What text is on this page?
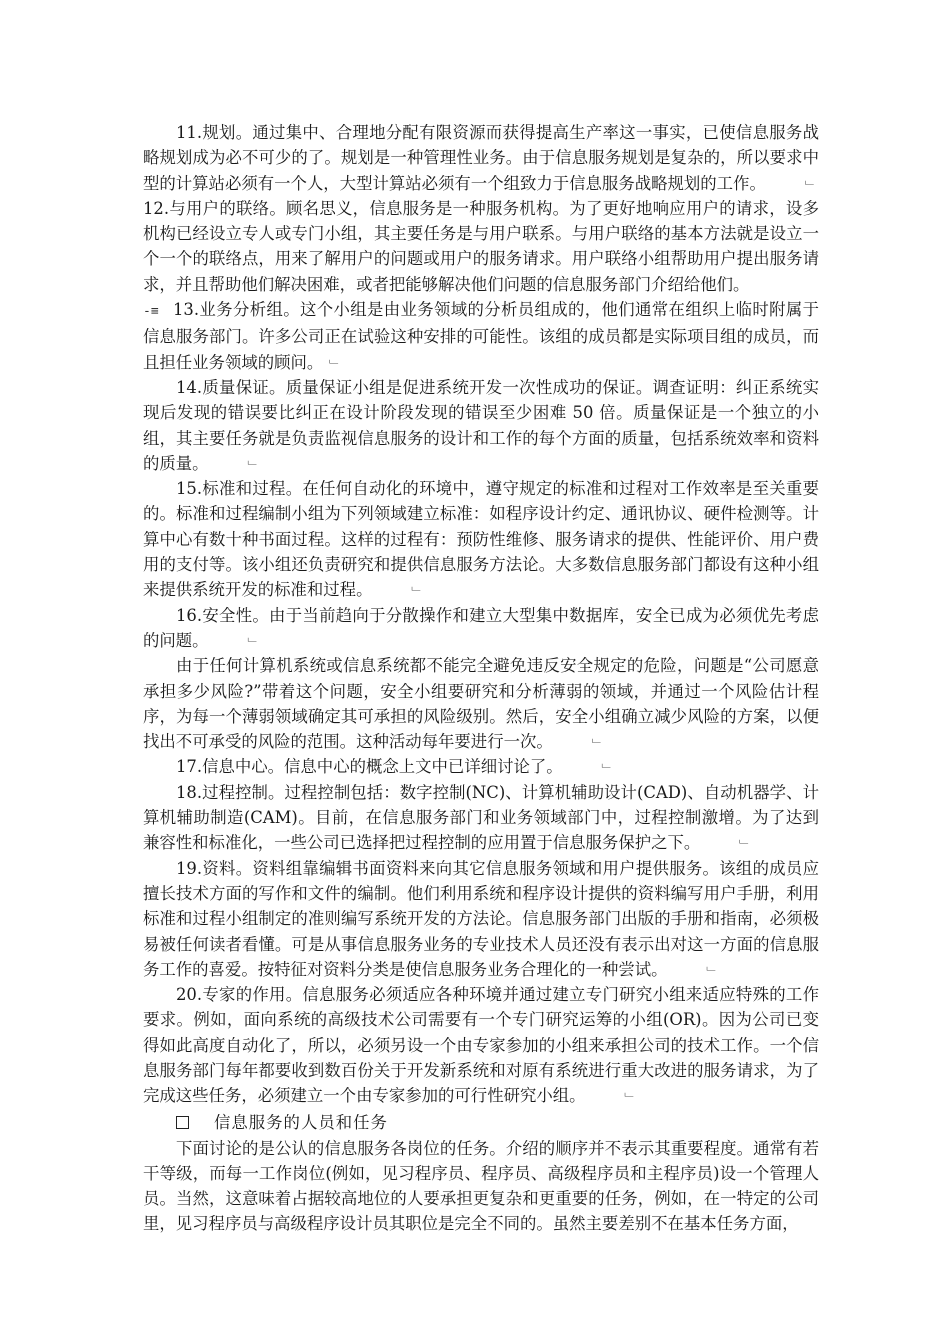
11.规划。通过集中、合理地分配有限资源而获得提高生产率这一事实，已使信息服务战略规划成为必不可少的了。规划是一种管理性业务。由于信息服务规划是复杂的，所以要求中型的计算站必须有一个人，大型计算站必须有一个组致力于信息服务战略规划的工作。	﹂

12.与用户的联络。顾名思义，信息服务是一种服务机构。为了更好地响应用户的请求，设多机构已经设立专人或专门小组，其主要任务是与用户联系。与用户联络的基本方法就是设立一个一个的联络点，用来了解用户的问题或用户的服务请求。用户联络小组帮助用户提出服务请求，并且帮助他们解决困难，或者把能够解决他们问题的信息服务部门介绍给他们。

-≡ 13.业务分析组。这个小组是由业务领域的分析员组成的，他们通常在组织上临时附属于信息服务部门。许多公司正在试验这种安排的可能性。该组的成员都是实际项目组的成员，而且担任业务领域的顾问。 ﹂

14.质量保证。质量保证小组是促进系统开发一次性成功的保证。调查证明：纠正系统实现后发现的错误要比纠正在设计阶段发现的错误至少困难 50 倍。质量保证是一个独立的小组，其主要任务就是负责监视信息服务的设计和工作的每个方面的质量，包括系统效率和资料的质量。	﹂

15.标准和过程。在任何自动化的环境中，遵守规定的标准和过程对工作效率是至关重要的。标准和过程编制小组为下列领域建立标准：如程序设计约定、通讯协议、硬件检测等。计算中心有数十种书面过程。这样的过程有：预防性维修、服务请求的提供、性能评价、用户费用的支付等。该小组还负责研究和提供信息服务方法论。大多数信息服务部门都设有这种小组来提供系统开发的标准和过程。	﹂

16.安全性。由于当前趋向于分散操作和建立大型集中数据库，安全已成为必须优先考虑的问题。	﹂

由于任何计算机系统或信息系统都不能完全避免违反安全规定的危险，问题是“公司愿意承担多少风险?”带着这个问题，安全小组要研究和分析薄弱的领域，并通过一个风险估计程序，为每一个薄弱领域确定其可承担的风险级别。然后，安全小组确立减少风险的方案，以便找出不可承受的风险的范围。这种活动每年要进行一次。	﹂

17.信息中心。信息中心的概念上文中已详细讨论了。	﹂

18.过程控制。过程控制包括：数字控制(NC)、计算机辅助设计(CAD)、自动机器学、计算机辅助制造(CAM)。目前，在信息服务部门和业务领域部门中，过程控制激增。为了达到兼容性和标准化，一些公司已选择把过程控制的应用置于信息服务保护之下。	﹂

19.资料。资料组靠编辑书面资料来向其它信息服务领域和用户提供服务。该组的成员应擅长技术方面的写作和文件的编制。他们利用系统和程序设计提供的资料编写用户手册，利用标准和过程小组制定的准则编写系统开发的方法论。信息服务部门出版的手册和指南，必须极易被任何读者看懂。可是从事信息服务业务的专业技术人员还没有表示出对这一方面的信息服务工作的喜爱。按特征对资料分类是使信息服务业务合理化的一种尝试。	﹂

20.专家的作用。信息服务必须适应各种环境并通过建立专门研究小组来适应特殊的工作要求。例如，面向系统的高级技术公司需要有一个专门研究运筹的小组(OR)。因为公司已变得如此高度自动化了，所以，必须另设一个由专家参加的小组来承担公司的技术工作。一个信息服务部门每年都要收到数百份关于开发新系统和对原有系统进行重大改进的服务请求，为了完成这些任务，必须建立一个由专家参加的可行性研究小组。	﹂

信息服务的人员和任务

下面讨论的是公认的信息服务各岗位的任务。介绍的顺序并不表示其重要程度。通常有若干等级，而每一工作岗位(例如，见习程序员、程序员、高级程序员和主程序员)设一个管理人员。当然，这意味着占据较高地位的人要承担更复杂和更重要的任务，例如，在一特定的公司里，见习程序员与高级程序设计员其职位是完全不同的。虽然主要差别不在基本任务方面，
